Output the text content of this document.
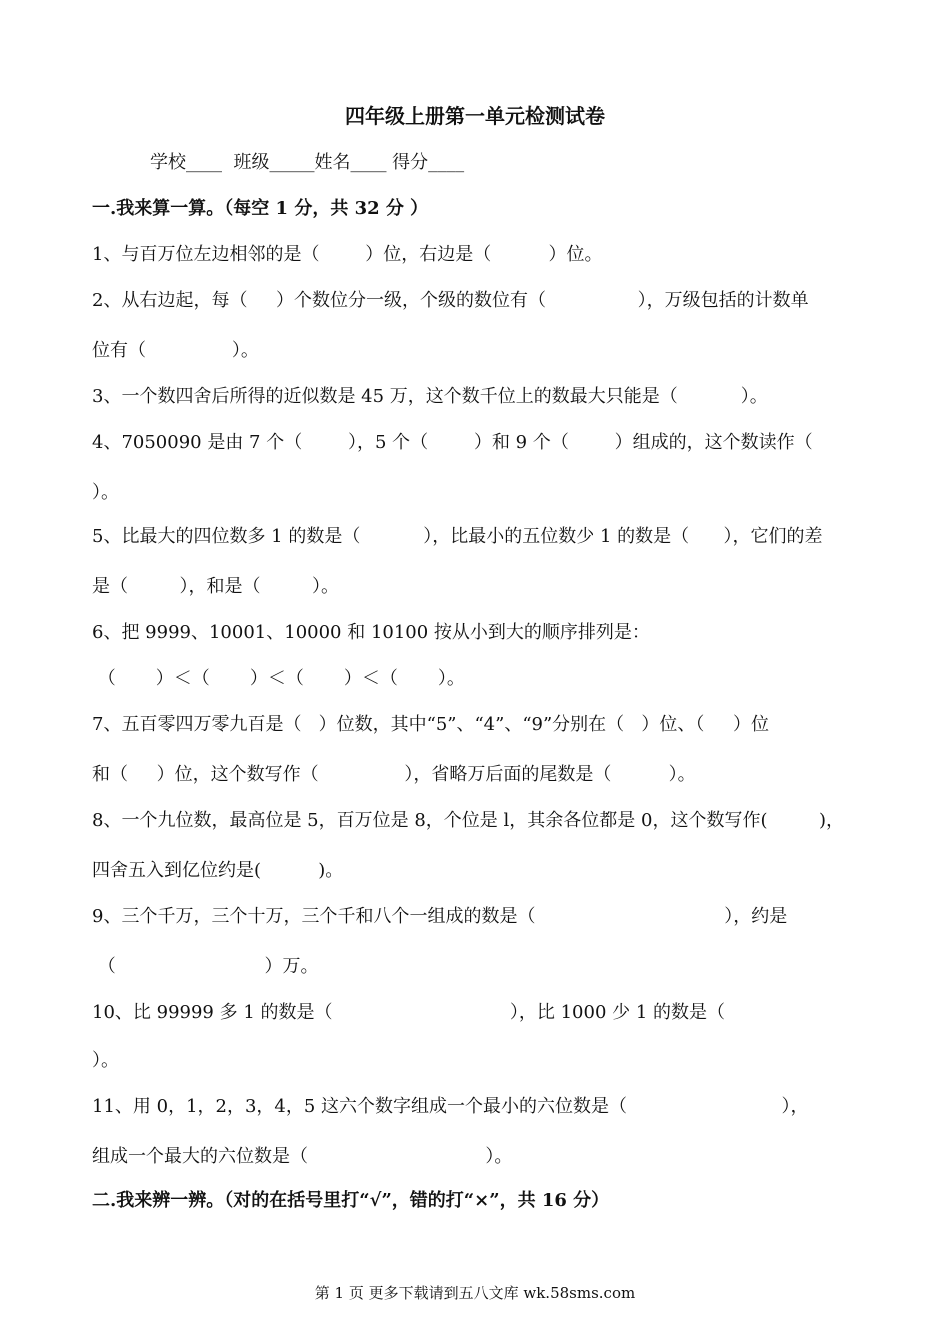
四年级上册第一单元检测试卷
学校____  班级_____姓名____ 得分____
一.我来算一算。（每空 1 分，共 32 分 ）
1、与百万位左边相邻的是（        ）位，右边是（          ）位。
2、从右边起，每（     ）个数位分一级，个级的数位有（                ），万级包括的计数单
位有（               ）。
3、一个数四舍后所得的近似数是 45 万，这个数千位上的数最大只能是（           ）。
4、7050090 是由 7 个（        ），5 个（        ）和 9 个（        ）组成的，这个数读作（
）。
5、比最大的四位数多 1 的数是（           ），比最小的五位数少 1 的数是（      ），它们的差
是（         ），和是（         ）。
6、把 9999、10001、10000 和 10100 按从小到大的顺序排列是：
（       ）＜（       ）＜（       ）＜（       ）。
7、五百零四万零九百是（   ）位数，其中“5”、“4”、“9”分别在（   ）位、（     ）位
和（     ）位，这个数写作（               ），省略万后面的尾数是（          ）。
8、一个九位数，最高位是 5，百万位是 8，个位是 l，其余各位都是 0，这个数写作(         )，
四舍五入到亿位约是(          )。
9、三个千万，三个十万，三个千和八个一组成的数是（                                 ），约是
（                          ）万。
10、比 99999 多 1 的数是（                               ），比 1000 少 1 的数是（
）。
11、用 0，1，2，3，4，5 这六个数字组成一个最小的六位数是（                           ），
组成一个最大的六位数是（                               ）。
二.我来辨一辨。（对的在括号里打“√”，错的打“×”，共 16 分）
第 1 页 更多下载请到五八文库 wk.58sms.com
